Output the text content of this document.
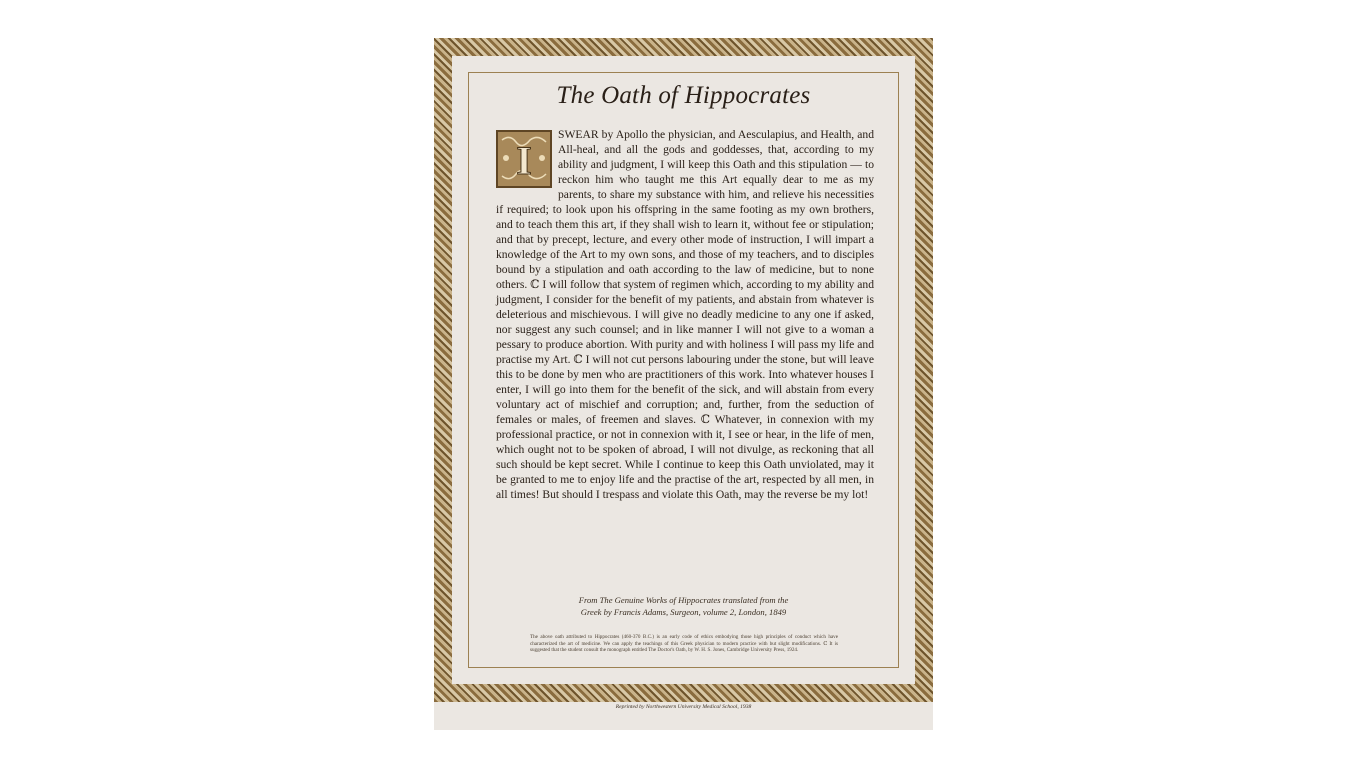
The Oath of Hippocrates

I
SWEAR by Apollo the physician, and Aesculapius, and Health, and All-heal, and all the gods and goddesses, that, according to my ability and judgment, I will keep this Oath and this stipulation — to reckon him who taught me this Art equally dear to me as my parents, to share my substance with him, and relieve his necessities if required; to look upon his offspring in the same footing as my own brothers, and to teach them this art, if they shall wish to learn it, without fee or stipulation; and that by precept, lecture, and every other mode of instruction, I will impart a knowledge of the Art to my own sons, and those of my teachers, and to disciples bound by a stipulation and oath according to the law of medicine, but to none others. ℂ I will follow that system of regimen which, according to my ability and judgment, I consider for the benefit of my patients, and abstain from whatever is deleterious and mischievous. I will give no deadly medicine to any one if asked, nor suggest any such counsel; and in like manner I will not give to a woman a pessary to produce abortion. With purity and with holiness I will pass my life and practise my Art. ℂ I will not cut persons labouring under the stone, but will leave this to be done by men who are practitioners of this work. Into whatever houses I enter, I will go into them for the benefit of the sick, and will abstain from every voluntary act of mischief and corruption; and, further, from the seduction of females or males, of freemen and slaves. ℂ Whatever, in connexion with my professional practice, or not in connexion with it, I see or hear, in the life of men, which ought not to be spoken of abroad, I will not divulge, as reckoning that all such should be kept secret. While I continue to keep this Oath unviolated, may it be granted to me to enjoy life and the practise of the art, respected by all men, in all times! But should I trespass and violate this Oath, may the reverse be my lot!

From The Genuine Works of Hippocrates translated from the
Greek by Francis Adams, Surgeon, volume 2, London, 1849
The above oath attributed to Hippocrates (460-370 B.C.) is an early code of ethics embodying those high principles of conduct which have characterized the art of medicine. We can apply the teachings of this Greek physician to modern practice with but slight modifications. ℂ It is suggested that the student consult the monograph entitled The Doctor's Oath, by W. H. S. Jones, Cambridge University Press, 1924.
Reprinted by Northwestern University Medical School, 1938
